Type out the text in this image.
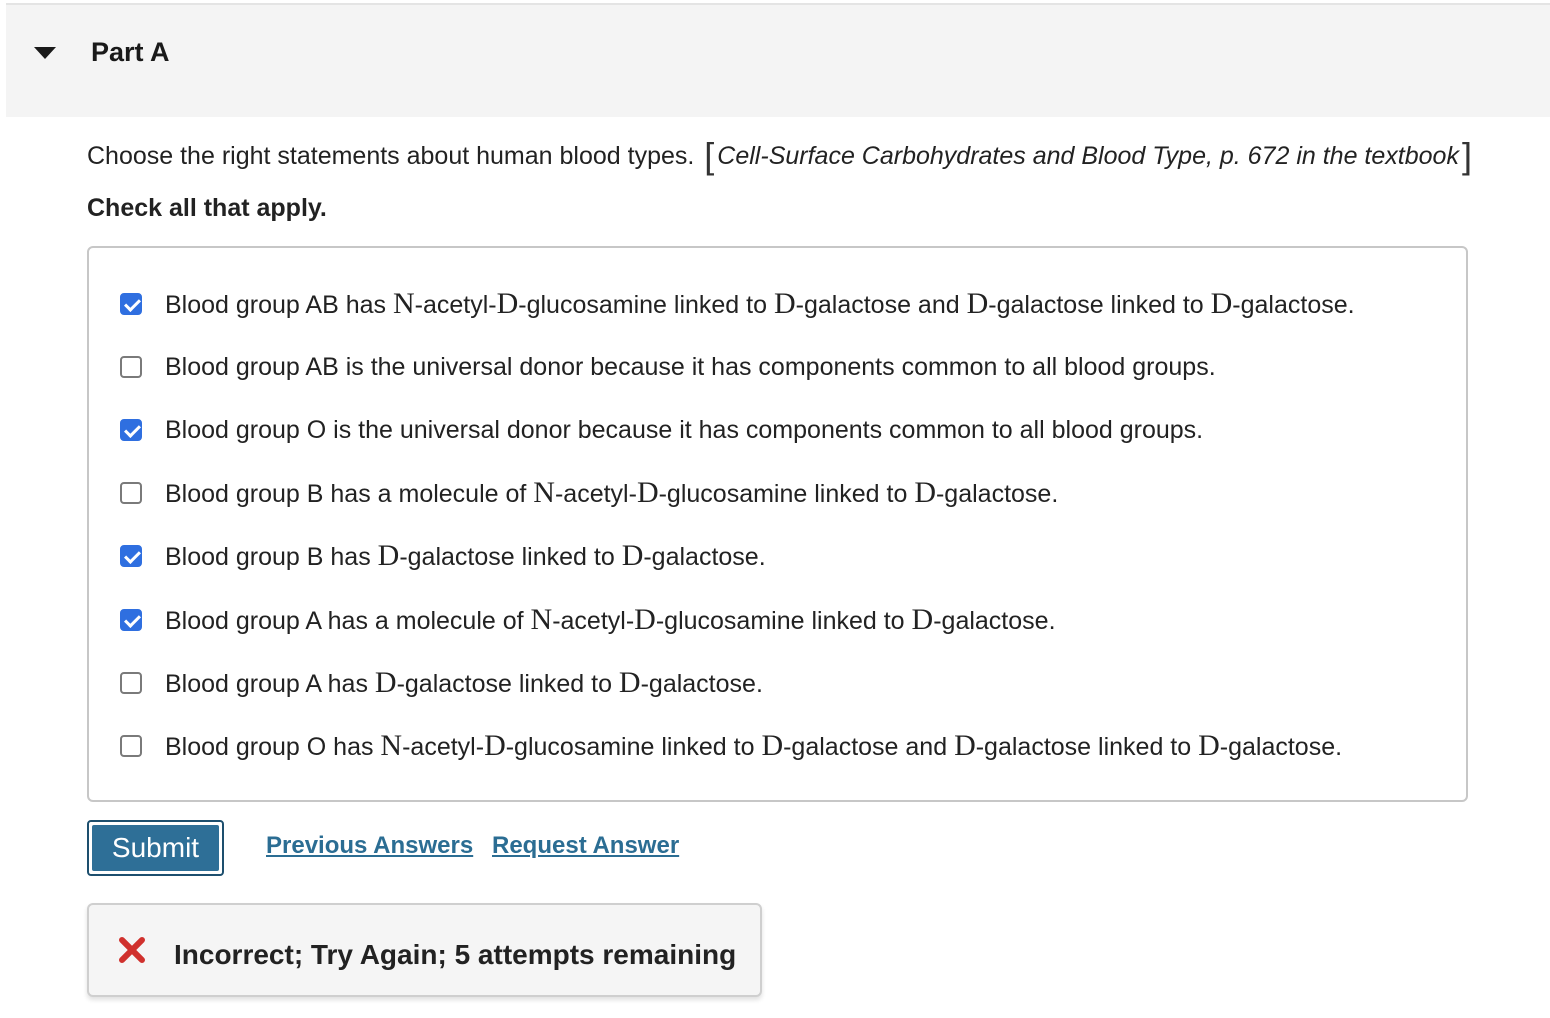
Part A
Choose the right statements about human blood types. [ Cell-Surface Carbohydrates and Blood Type, p. 672 in the textbook]
Check all that apply.
Blood group AB has N-acetyl-D-glucosamine linked to D-galactose and D-galactose linked to D-galactose.
Blood group AB is the universal donor because it has components common to all blood groups.
Blood group O is the universal donor because it has components common to all blood groups.
Blood group B has a molecule of N-acetyl-D-glucosamine linked to D-galactose.
Blood group B has D-galactose linked to D-galactose.
Blood group A has a molecule of N-acetyl-D-glucosamine linked to D-galactose.
Blood group A has D-galactose linked to D-galactose.
Blood group O has N-acetyl-D-glucosamine linked to D-galactose and D-galactose linked to D-galactose.
Submit	Previous Answers Request Answer
Incorrect; Try Again; 5 attempts remaining
